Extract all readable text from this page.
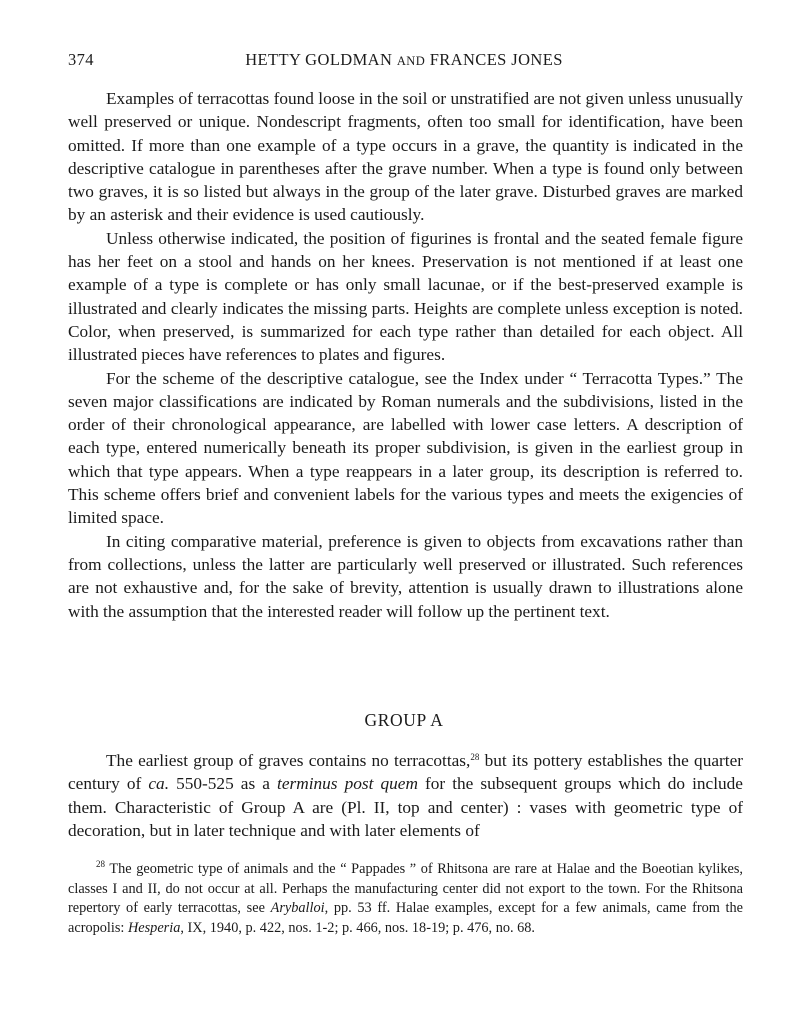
374	HETTY GOLDMAN AND FRANCES JONES

Examples of terracottas found loose in the soil or unstratified are not given unless unusually well preserved or unique. Nondescript fragments, often too small for identification, have been omitted. If more than one example of a type occurs in a grave, the quantity is indicated in the descriptive catalogue in parentheses after the grave number. When a type is found only between two graves, it is so listed but always in the group of the later grave. Disturbed graves are marked by an asterisk and their evidence is used cautiously.

Unless otherwise indicated, the position of figurines is frontal and the seated female figure has her feet on a stool and hands on her knees. Preservation is not mentioned if at least one example of a type is complete or has only small lacunae, or if the best-preserved example is illustrated and clearly indicates the missing parts. Heights are complete unless exception is noted. Color, when preserved, is summarized for each type rather than detailed for each object. All illustrated pieces have references to plates and figures.

For the scheme of the descriptive catalogue, see the Index under “ Terracotta Types.” The seven major classifications are indicated by Roman numerals and the subdivisions, listed in the order of their chronological appearance, are labelled with lower case letters. A description of each type, entered numerically beneath its proper subdivision, is given in the earliest group in which that type appears. When a type reappears in a later group, its description is referred to. This scheme offers brief and convenient labels for the various types and meets the exigencies of limited space.

In citing comparative material, preference is given to objects from excavations rather than from collections, unless the latter are particularly well preserved or illustrated. Such references are not exhaustive and, for the sake of brevity, attention is usually drawn to illustrations alone with the assumption that the interested reader will follow up the pertinent text.

GROUP A

The earliest group of graves contains no terracottas,$^{28}$ but its pottery establishes the quarter century of ca. 550-525 as a terminus post quem for the subsequent groups which do include them. Characteristic of Group A are (Pl. II, top and center) : vases with geometric type of decoration, but in later technique and with later elements of

$^{28}$ The geometric type of animals and the “ Pappades ” of Rhitsona are rare at Halae and the Boeotian kylikes, classes I and II, do not occur at all. Perhaps the manufacturing center did not export to the town. For the Rhitsona repertory of early terracottas, see Aryballoi, pp. 53 ff. Halae examples, except for a few animals, came from the acropolis: Hesperia, IX, 1940, p. 422, nos. 1-2; p. 466, nos. 18-19; p. 476, no. 68.
